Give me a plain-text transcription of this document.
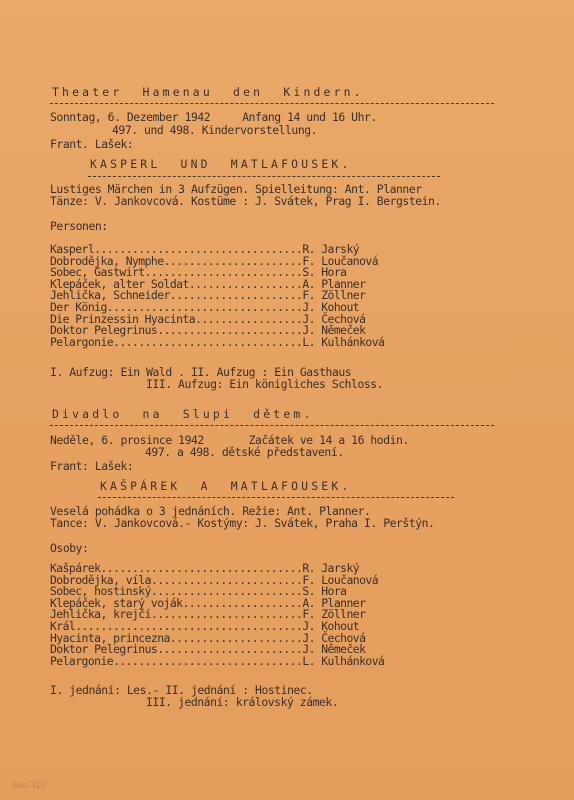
Theater  Hamenau  den  Kindern.
Sonntag, 6. Dezember 1942     Anfang 14 und 16 Uhr.
497. und 498. Kindervorstellung.
Frant. Lašek:
KASPERL  UND  MATLAFOUSEK.
Lustiges Märchen in 3 Aufzügen. Spielleitung: Ant. Planner
Tänze: V. Jankovcová. Kostüme : J. Svátek, Prag I. Bergstein.
Personen:
Kasperl.................................R. Jarský
Dobrodějka, Nymphe......................F. Loučanová
Sobec, Gastwirt.........................S. Hora
Klepáček, alter Soldat..................A. Planner
Jehlička, Schneider.....................F. Zöllner
Der König...............................J. Kohout
Die Prinzessin Hyacinta.................J. Čechová
Doktor Pelegrinus.......................J. Němeček
Pelargonie..............................L. Kulhánková
I. Aufzug: Ein Wald . II. Aufzug : Ein Gasthaus
III. Aufzug: Ein königliches Schloss.
Divadlo  na  Slupi  dětem.
Neděle, 6. prosince 1942       Začátek ve 14 a 16 hodin.
497. a 498. dětské představení.
Frant: Lašek:
KAŠPÁREK  A  MATLAFOUSEK.
Veselá pohádka o 3 jednáních. Režie: Ant. Planner.
Tance: V. Jankovcová.- Kostýmy: J. Svátek, Praha I. Perštýn.
Osoby:
Kašpárek................................R. Jarský
Dobrodějka, víla........................F. Loučanová
Sobec, hostinský........................S. Hora
Klepáček, starý voják...................A. Planner
Jehlička, krejčí........................F. Zöllner
Král....................................J. Kohout
Hyacinta, princezna.....................J. Čechová
Doktor Pelegrinus.......................J. Němeček
Pelargonie..............................L. Kulhánková
I. jednání: Les.- II. jednání : Hostinec.
III. jednání: královský zámek.
Sec-310
